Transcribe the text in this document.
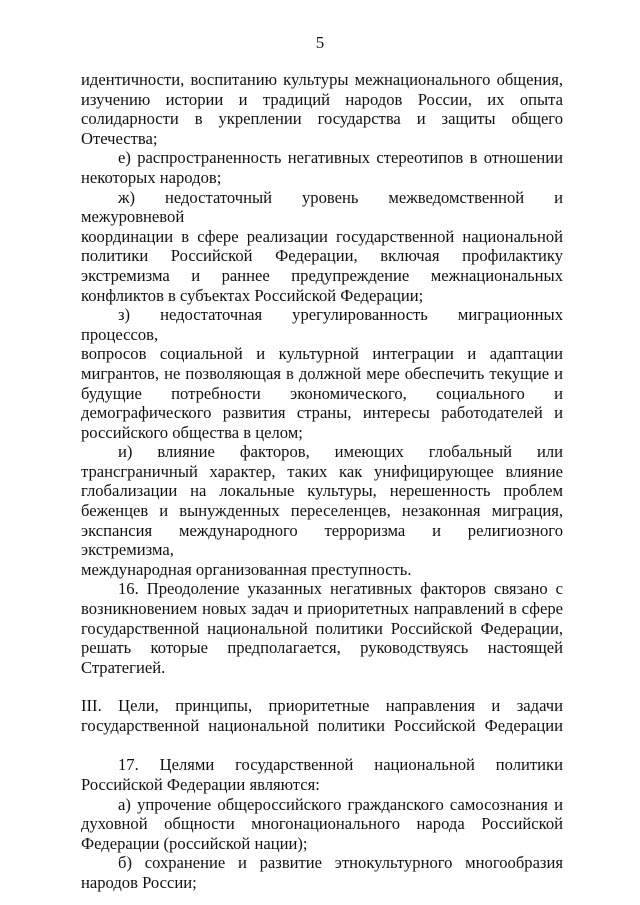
5

идентичности, воспитанию культуры межнационального общения,

изучению истории и традиций народов России, их опыта

солидарности в укреплении государства и защиты общего Отечества;

е) распространенность негативных стереотипов в отношении

некоторых народов;

ж) недостаточный уровень межведомственной и межуровневой

координации в сфере реализации государственной национальной

политики Российской Федерации, включая профилактику

экстремизма и раннее предупреждение межнациональных

конфликтов в субъектах Российской Федерации;

з) недостаточная урегулированность миграционных процессов,

вопросов социальной и культурной интеграции и адаптации

мигрантов, не позволяющая в должной мере обеспечить текущие и

будущие потребности экономического, социального и

демографического развития страны, интересы работодателей и

российского общества в целом;

и) влияние факторов, имеющих глобальный или

трансграничный характер, таких как унифицирующее влияние

глобализации на локальные культуры, нерешенность проблем

беженцев и вынужденных переселенцев, незаконная миграция,

экспансия международного терроризма и религиозного экстремизма,

международная организованная преступность.

16. Преодоление указанных негативных факторов связано с

возникновением новых задач и приоритетных направлений в сфере

государственной национальной политики Российской Федерации,

решать которые предполагается, руководствуясь настоящей

Стратегией.

III. Цели, принципы, приоритетные направления и задачи

государственной национальной политики Российской Федерации

17. Целями государственной национальной политики

Российской Федерации являются:

а) упрочение общероссийского гражданского самосознания и

духовной общности многонационального народа Российской

Федерации (российской нации);

б) сохранение и развитие этнокультурного многообразия

народов России;
